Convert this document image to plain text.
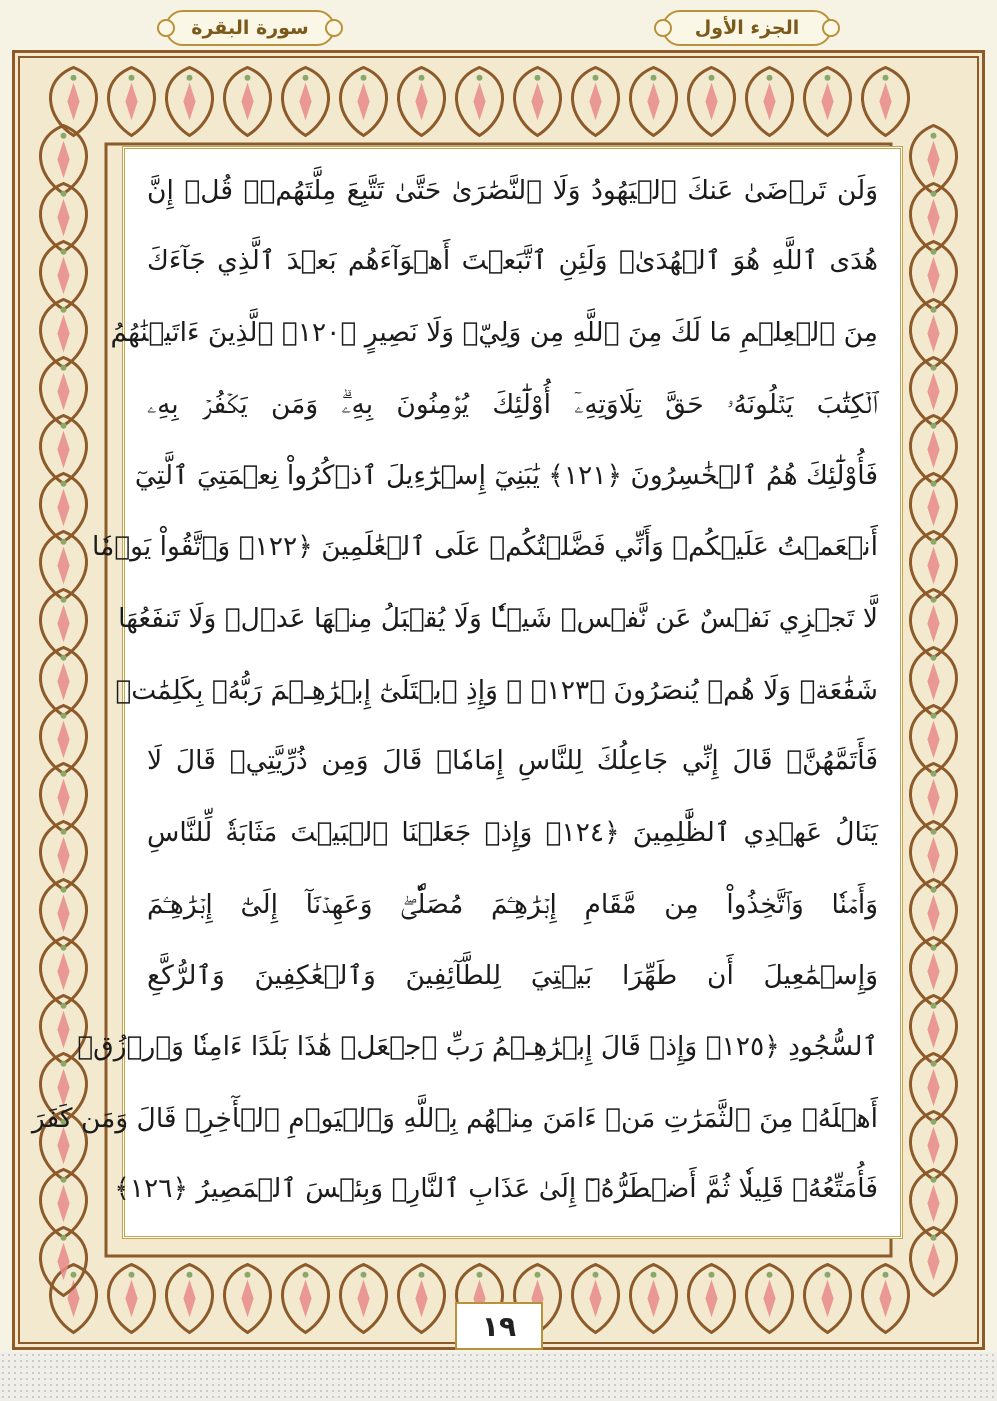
سورة البقرة	الجزء الأول
وَلَن تَرۡضَىٰ عَنكَ ٱلۡيَهُودُ وَلَا ٱلنَّصَٰرَىٰ حَتَّىٰ تَتَّبِعَ مِلَّتَهُمۡۗ قُلۡ إِنَّ
هُدَى ٱللَّهِ هُوَ ٱلۡهُدَىٰۗ وَلَئِنِ ٱتَّبَعۡتَ أَهۡوَآءَهُم بَعۡدَ ٱلَّذِي جَآءَكَ
مِنَ ٱلۡعِلۡمِ مَا لَكَ مِنَ ٱللَّهِ مِن وَلِيّٖ وَلَا نَصِيرٍ ﴿١٢٠﴾ ٱلَّذِينَ ءَاتَيۡنَٰهُمُ
ٱلۡكِتَٰبَ يَتۡلُونَهُۥ حَقَّ تِلَاوَتِهِۦٓ أُوْلَٰٓئِكَ يُؤۡمِنُونَ بِهِۦۗ وَمَن يَكۡفُرۡ بِهِۦ
فَأُوْلَٰٓئِكَ هُمُ ٱلۡخَٰسِرُونَ ﴿١٢١﴾ يَٰبَنِيٓ إِسۡرَٰٓءِيلَ ٱذۡكُرُواْ نِعۡمَتِيَ ٱلَّتِيٓ
أَنۡعَمۡتُ عَلَيۡكُمۡ وَأَنِّي فَضَّلۡتُكُمۡ عَلَى ٱلۡعَٰلَمِينَ ﴿١٢٢﴾ وَٱتَّقُواْ يَوۡمٗا
لَّا تَجۡزِي نَفۡسٌ عَن نَّفۡسٖ شَيۡـٔٗا وَلَا يُقۡبَلُ مِنۡهَا عَدۡلٞ وَلَا تَنفَعُهَا
شَفَٰعَةٞ وَلَا هُمۡ يُنصَرُونَ ﴿١٢٣﴾ ۞ وَإِذِ ٱبۡتَلَىٰٓ إِبۡرَٰهِـۧمَ رَبُّهُۥ بِكَلِمَٰتٖ
فَأَتَمَّهُنَّۖ قَالَ إِنِّي جَاعِلُكَ لِلنَّاسِ إِمَامٗاۖ قَالَ وَمِن ذُرِّيَّتِيۖ قَالَ لَا
يَنَالُ عَهۡدِي ٱلظَّٰلِمِينَ ﴿١٢٤﴾ وَإِذۡ جَعَلۡنَا ٱلۡبَيۡتَ مَثَابَةٗ لِّلنَّاسِ
وَأَمۡنٗا وَٱتَّخِذُواْ مِن مَّقَامِ إِبۡرَٰهِـۧمَ مُصَلّٗىۖ وَعَهِدۡنَآ إِلَىٰٓ إِبۡرَٰهِـۧمَ
وَإِسۡمَٰعِيلَ أَن طَهِّرَا بَيۡتِيَ لِلطَّآئِفِينَ وَٱلۡعَٰكِفِينَ وَٱلرُّكَّعِ
ٱلسُّجُودِ ﴿١٢٥﴾ وَإِذۡ قَالَ إِبۡرَٰهِـۧمُ رَبِّ ٱجۡعَلۡ هَٰذَا بَلَدًا ءَامِنٗا وَٱرۡزُقۡ
أَهۡلَهُۥ مِنَ ٱلثَّمَرَٰتِ مَنۡ ءَامَنَ مِنۡهُم بِٱللَّهِ وَٱلۡيَوۡمِ ٱلۡأٓخِرِۖ قَالَ وَمَن كَفَرَ
فَأُمَتِّعُهُۥ قَلِيلٗا ثُمَّ أَضۡطَرُّهُۥٓ إِلَىٰ عَذَابِ ٱلنَّارِۖ وَبِئۡسَ ٱلۡمَصِيرُ ﴿١٢٦﴾
١٩
